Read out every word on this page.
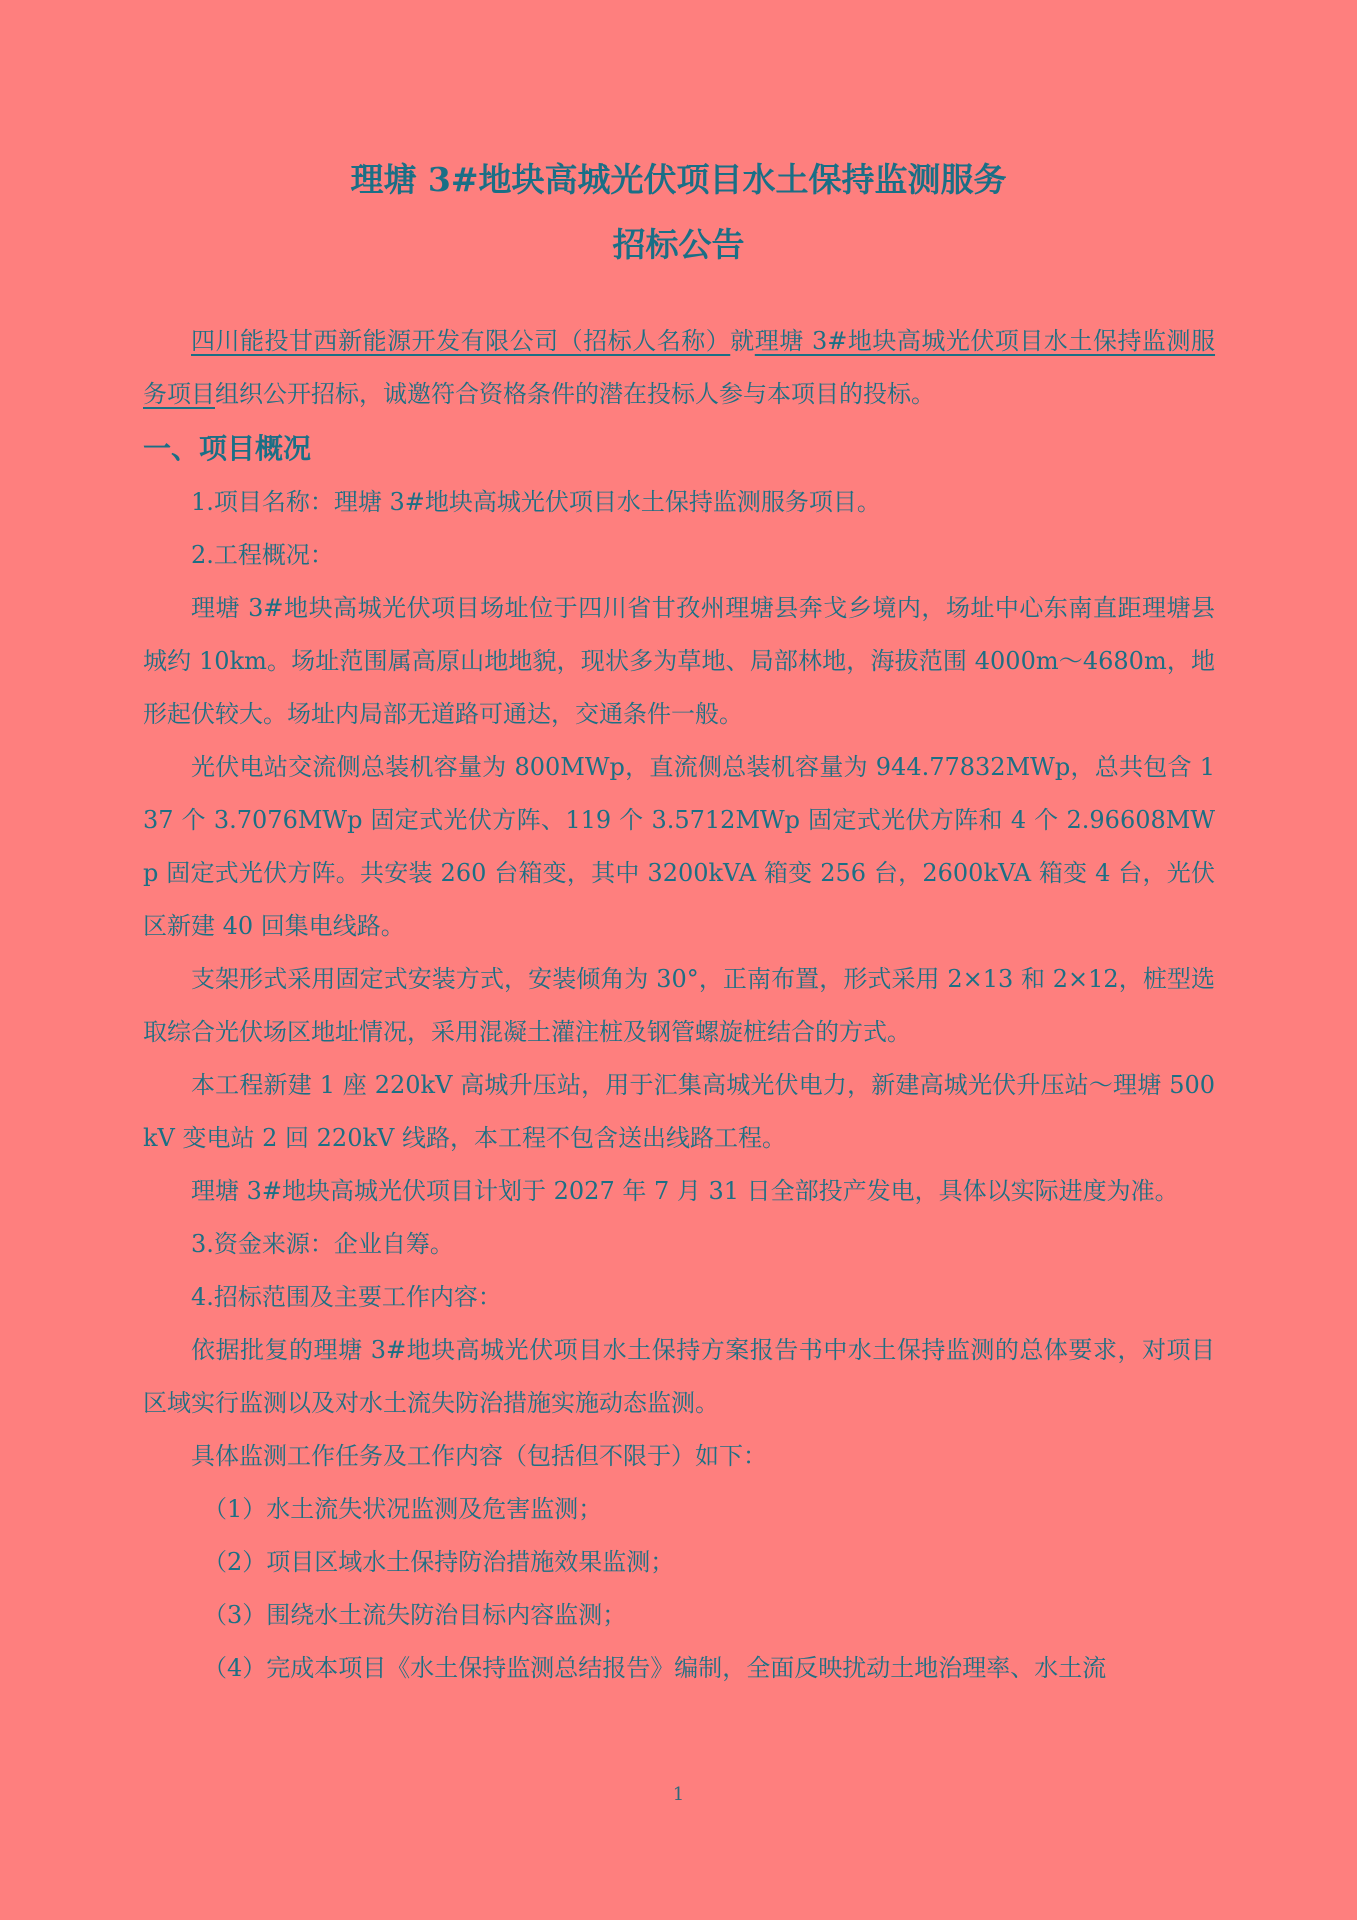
理塘 3#地块高城光伏项目水土保持监测服务
招标公告

四川能投甘西新能源开发有限公司（招标人名称）就理塘 3#地块高城光伏项目水土保持监测服务项目组织公开招标，诚邀符合资格条件的潜在投标人参与本项目的投标。

一、项目概况

1.项目名称：理塘 3#地块高城光伏项目水土保持监测服务项目。

2.工程概况：

理塘 3#地块高城光伏项目场址位于四川省甘孜州理塘县奔戈乡境内，场址中心东南直距理塘县城约 10km。场址范围属高原山地地貌，现状多为草地、局部林地，海拔范围 4000m～4680m，地形起伏较大。场址内局部无道路可通达，交通条件一般。

光伏电站交流侧总装机容量为 800MWp，直流侧总装机容量为 944.77832MWp，总共包含 137 个 3.7076MWp 固定式光伏方阵、119 个 3.5712MWp 固定式光伏方阵和 4 个 2.96608MWp 固定式光伏方阵。共安装 260 台箱变，其中 3200kVA 箱变 256 台，2600kVA 箱变 4 台，光伏区新建 40 回集电线路。

支架形式采用固定式安装方式，安装倾角为 30°，正南布置，形式采用 2×13 和 2×12，桩型选取综合光伏场区地址情况，采用混凝土灌注桩及钢管螺旋桩结合的方式。

本工程新建 1 座 220kV 高城升压站，用于汇集高城光伏电力，新建高城光伏升压站～理塘 500kV 变电站 2 回 220kV 线路，本工程不包含送出线路工程。

理塘 3#地块高城光伏项目计划于 2027 年 7 月 31 日全部投产发电，具体以实际进度为准。

3.资金来源：企业自筹。

4.招标范围及主要工作内容：

依据批复的理塘 3#地块高城光伏项目水土保持方案报告书中水土保持监测的总体要求，对项目区域实行监测以及对水土流失防治措施实施动态监测。

具体监测工作任务及工作内容（包括但不限于）如下：

（1）水土流失状况监测及危害监测；

（2）项目区域水土保持防治措施效果监测；

（3）围绕水土流失防治目标内容监测；

（4）完成本项目《水土保持监测总结报告》编制，全面反映扰动土地治理率、水土流

1
